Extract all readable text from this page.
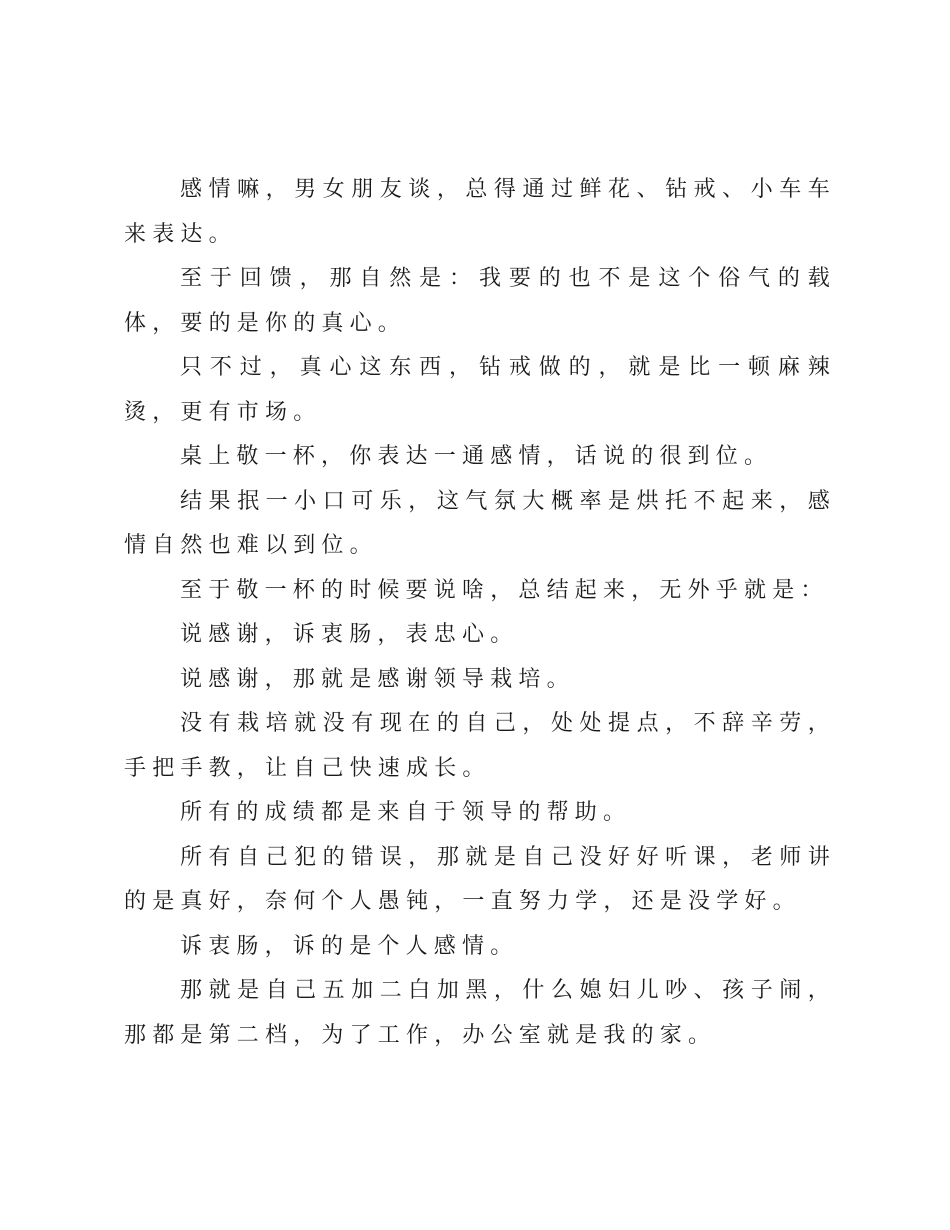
感情嘛，男女朋友谈，总得通过鲜花、钻戒、小车车来表达。

至于回馈，那自然是：我要的也不是这个俗气的载体，要的是你的真心。

只不过，真心这东西，钻戒做的，就是比一顿麻辣烫，更有市场。

桌上敬一杯，你表达一通感情，话说的很到位。

结果抿一小口可乐，这气氛大概率是烘托不起来，感情自然也难以到位。

至于敬一杯的时候要说啥，总结起来，无外乎就是：

说感谢，诉衷肠，表忠心。

说感谢，那就是感谢领导栽培。

没有栽培就没有现在的自己，处处提点，不辞辛劳，手把手教，让自己快速成长。

所有的成绩都是来自于领导的帮助。

所有自己犯的错误，那就是自己没好好听课，老师讲的是真好，奈何个人愚钝，一直努力学，还是没学好。

诉衷肠，诉的是个人感情。

那就是自己五加二白加黑，什么媳妇儿吵、孩子闹，那都是第二档，为了工作，办公室就是我的家。
